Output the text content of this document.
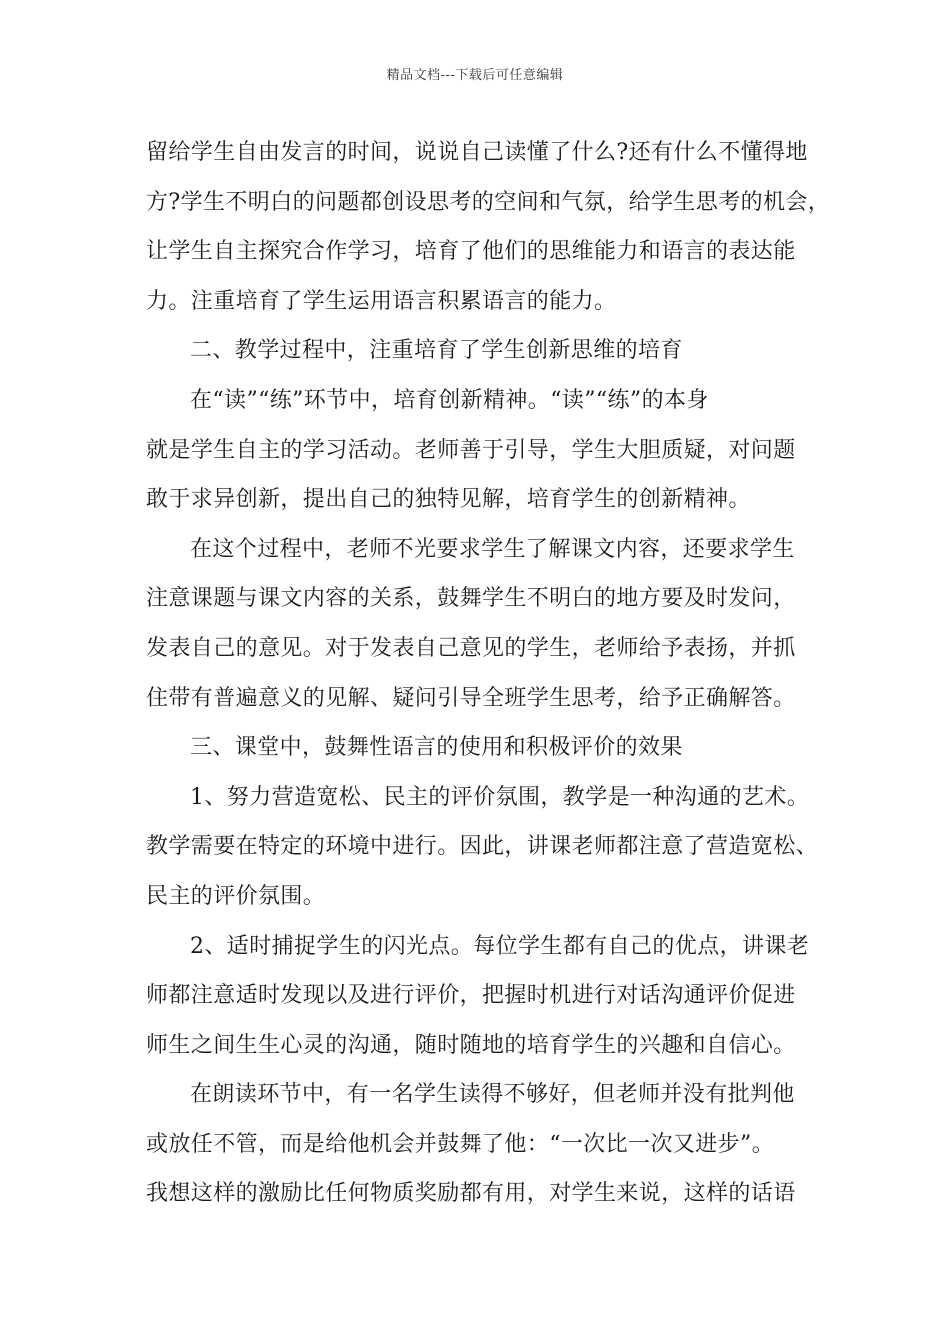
精品文档---下载后可任意编辑
留给学生自由发言的时间，说说自己读懂了什么?还有什么不懂得地
方?学生不明白的问题都创设思考的空间和气氛，给学生思考的机会，
让学生自主探究合作学习，培育了他们的思维能力和语言的表达能
力。注重培育了学生运用语言积累语言的能力。
二、教学过程中，注重培育了学生创新思维的培育
在“读”“练”环节中，培育创新精神。“读”“练”的本身
就是学生自主的学习活动。老师善于引导，学生大胆质疑，对问题
敢于求异创新，提出自己的独特见解，培育学生的创新精神。
在这个过程中，老师不光要求学生了解课文内容，还要求学生
注意课题与课文内容的关系，鼓舞学生不明白的地方要及时发问，
发表自己的意见。对于发表自己意见的学生，老师给予表扬，并抓
住带有普遍意义的见解、疑问引导全班学生思考，给予正确解答。
三、课堂中，鼓舞性语言的使用和积极评价的效果
1、努力营造宽松、民主的评价氛围，教学是一种沟通的艺术。
教学需要在特定的环境中进行。因此，讲课老师都注意了营造宽松、
民主的评价氛围。
2、适时捕捉学生的闪光点。每位学生都有自己的优点，讲课老
师都注意适时发现以及进行评价，把握时机进行对话沟通评价促进
师生之间生生心灵的沟通，随时随地的培育学生的兴趣和自信心。
在朗读环节中，有一名学生读得不够好，但老师并没有批判他
或放任不管，而是给他机会并鼓舞了他：“一次比一次又进步”。
我想这样的激励比任何物质奖励都有用，对学生来说，这样的话语
